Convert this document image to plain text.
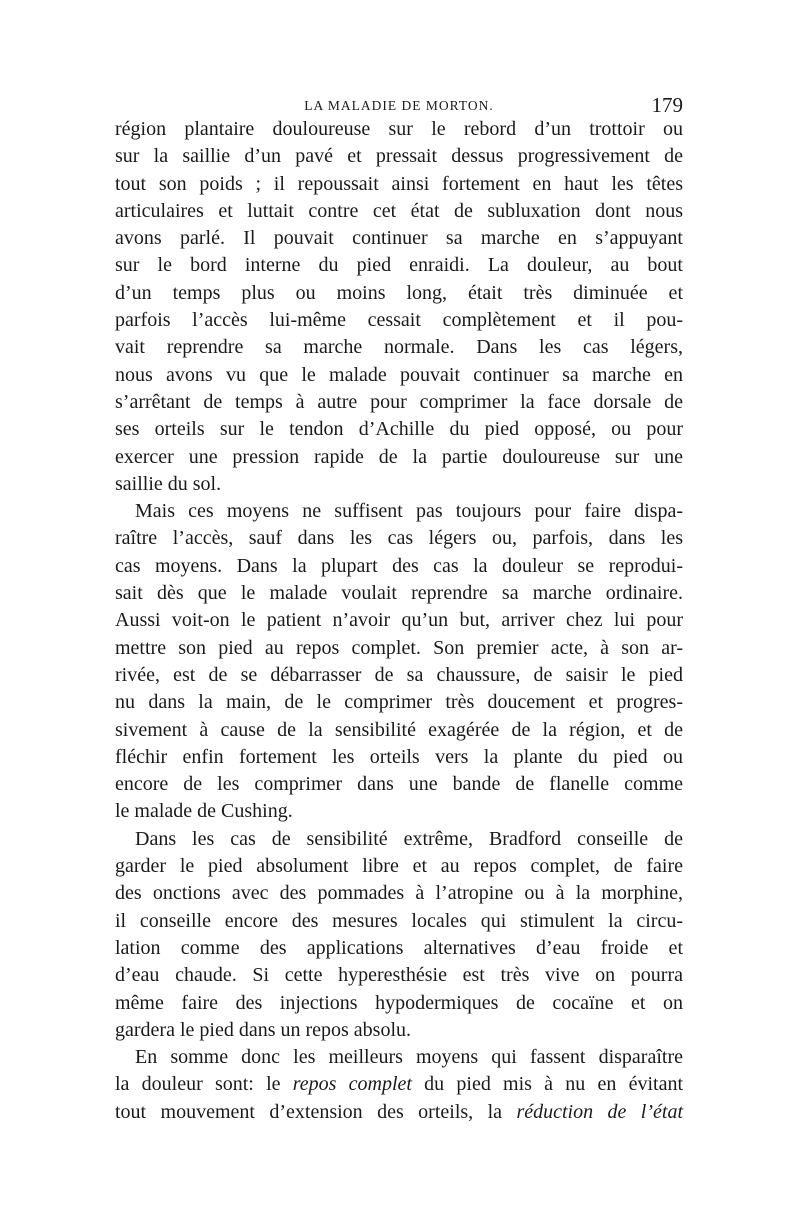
LA MALADIE DE MORTON.	179
région plantaire douloureuse sur le rebord d’un trottoir ou
sur la saillie d’un pavé et pressait dessus progressivement de
tout son poids ; il repoussait ainsi fortement en haut les têtes
articulaires et luttait contre cet état de subluxation dont nous
avons parlé. Il pouvait continuer sa marche en s’appuyant
sur le bord interne du pied enraidi. La douleur, au bout
d’un temps plus ou moins long, était très diminuée et
parfois l’accès lui-même cessait complètement et il pou-
vait reprendre sa marche normale. Dans les cas légers,
nous avons vu que le malade pouvait continuer sa marche en
s’arrêtant de temps à autre pour comprimer la face dorsale de
ses orteils sur le tendon d’Achille du pied opposé, ou pour
exercer une pression rapide de la partie douloureuse sur une
saillie du sol.
Mais ces moyens ne suffisent pas toujours pour faire dispa-
raître l’accès, sauf dans les cas légers ou, parfois, dans les
cas moyens. Dans la plupart des cas la douleur se reprodui-
sait dès que le malade voulait reprendre sa marche ordinaire.
Aussi voit-on le patient n’avoir qu’un but, arriver chez lui pour
mettre son pied au repos complet. Son premier acte, à son ar-
rivée, est de se débarrasser de sa chaussure, de saisir le pied
nu dans la main, de le comprimer très doucement et progres-
sivement à cause de la sensibilité exagérée de la région, et de
fléchir enfin fortement les orteils vers la plante du pied ou
encore de les comprimer dans une bande de flanelle comme
le malade de Cushing.
Dans les cas de sensibilité extrême, Bradford conseille de
garder le pied absolument libre et au repos complet, de faire
des onctions avec des pommades à l’atropine ou à la morphine,
il conseille encore des mesures locales qui stimulent la circu-
lation comme des applications alternatives d’eau froide et
d’eau chaude. Si cette hyperesthésie est très vive on pourra
même faire des injections hypodermiques de cocaïne et on
gardera le pied dans un repos absolu.
En somme donc les meilleurs moyens qui fassent disparaître
la douleur sont: le repos complet du pied mis à nu en évitant
tout mouvement d’extension des orteils, la réduction de l’état
